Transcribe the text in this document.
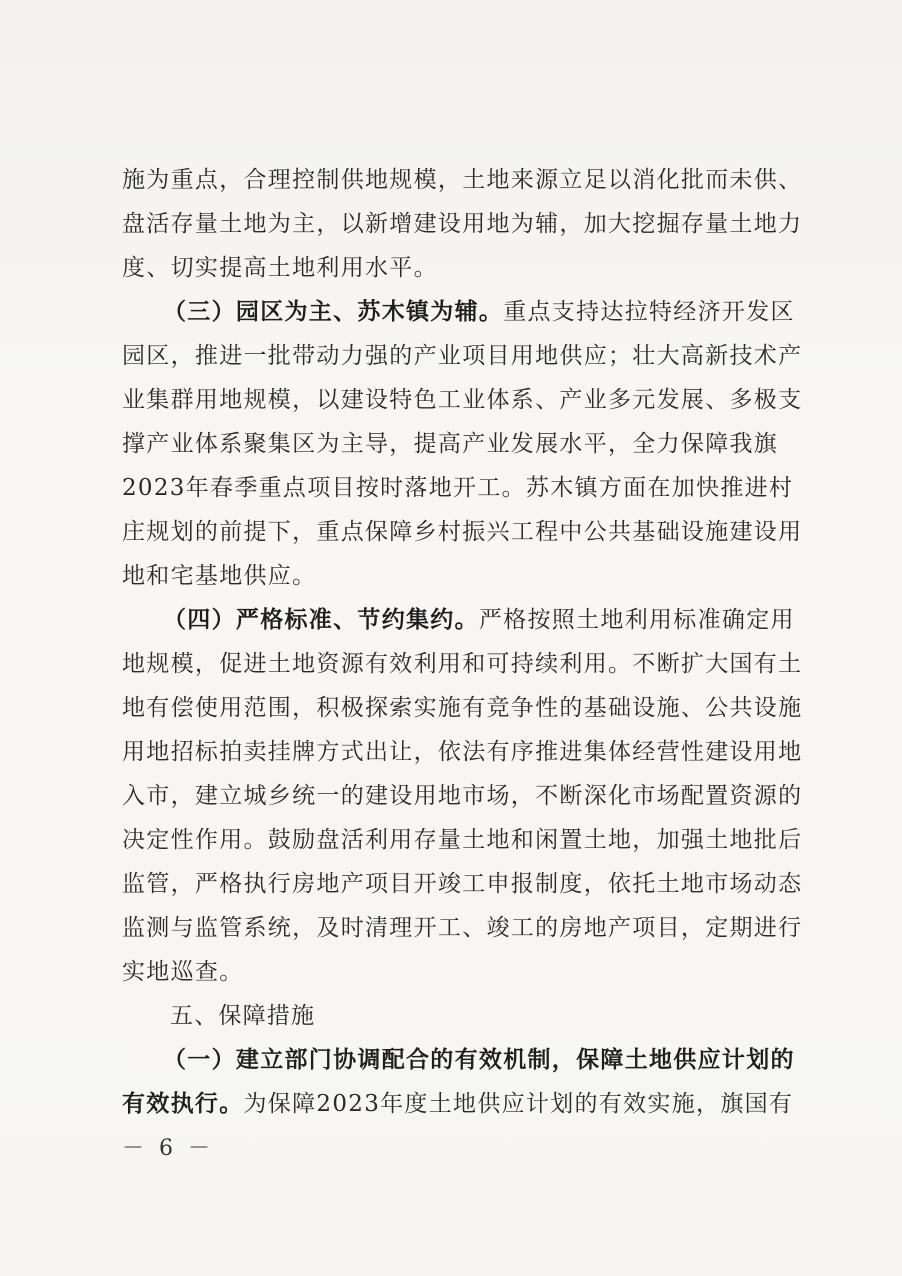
施为重点，合理控制供地规模，土地来源立足以消化批而未供、
盘活存量土地为主，以新增建设用地为辅，加大挖掘存量土地力
度、切实提高土地利用水平。
（三）园区为主、苏木镇为辅。重点支持达拉特经济开发区
园区，推进一批带动力强的产业项目用地供应；壮大高新技术产
业集群用地规模，以建设特色工业体系、产业多元发展、多极支
撑产业体系聚集区为主导，提高产业发展水平，全力保障我旗
2023年春季重点项目按时落地开工。苏木镇方面在加快推进村
庄规划的前提下，重点保障乡村振兴工程中公共基础设施建设用
地和宅基地供应。
（四）严格标准、节约集约。严格按照土地利用标准确定用
地规模，促进土地资源有效利用和可持续利用。不断扩大国有土
地有偿使用范围，积极探索实施有竞争性的基础设施、公共设施
用地招标拍卖挂牌方式出让，依法有序推进集体经营性建设用地
入市，建立城乡统一的建设用地市场，不断深化市场配置资源的
决定性作用。鼓励盘活利用存量土地和闲置土地，加强土地批后
监管，严格执行房地产项目开竣工申报制度，依托土地市场动态
监测与监管系统，及时清理开工、竣工的房地产项目，定期进行
实地巡查。
五、保障措施
（一）建立部门协调配合的有效机制，保障土地供应计划的
有效执行。为保障2023年度土地供应计划的有效实施，旗国有
－ 6 －
